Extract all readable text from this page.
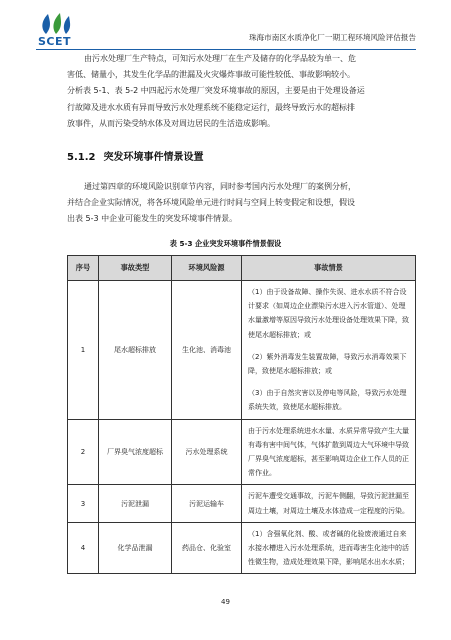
SCET	珠海市南区水质净化厂一期工程环境风险评估报告
由污水处理厂生产特点，可知污水处理厂在生产及储存的化学品较为单一、危
害低、储量小，其发生化学品的泄漏及火灾爆炸事故可能性较低、事故影响较小。
分析表 5-1、表 5-2 中四起污水处理厂突发环境事故的原因，主要是由于处理设备运
行故障及进水水质有异而导致污水处理系统不能稳定运行，最终导致污水的超标排
放事件，从而污染受纳水体及对周边居民的生活造成影响。
5.1.2 突发环境事件情景设置
通过第四章的环境风险识别章节内容，同时参考国内污水处理厂的案例分析，
并结合企业实际情况，将各环境风险单元进行时间与空间上转变假定和设想，假设
出表 5-3 中企业可能发生的突发环境事件情景。
表 5-3 企业突发环境事件情景假设
序号	事故类型	环境风险源	事故情景
1	尾水超标排放	生化池、消毒池	（1）由于设备故障、操作失误、进水水质不符合设计要求（如周边企业漂染污水进入污水管道）、处理水量激增等原因导致污水处理设备处理效果下降，致使尾水超标排放；或

（2）紫外消毒发生装置故障，导致污水消毒效果下降，致使尾水超标排放；或

（3）由于自然灾害以及停电等风险，导致污水处理系统失效，致使尾水超标排放。

2	厂界臭气浓度超标	污水处理系统	由于污水处理系统进水水量、水质异常导致产生大量有毒有害中间气体，气体扩散到周边大气环境中导致厂界臭气浓度超标，甚至影响周边企业工作人员的正常作业。

3	污泥泄漏	污泥运输车	污泥车遭受交通事故，污泥车侧翻，导致污泥泄漏至周边土壤，对周边土壤及水体造成一定程度的污染。

4	化学品泄漏	药品仓、化验室	（1）含强氧化剂、酸、或者碱的化验废液通过自来水接水槽进入污水处理系统，进而毒害生化池中的活性微生物，造成处理效果下降，影响尾水出水水质；

49
